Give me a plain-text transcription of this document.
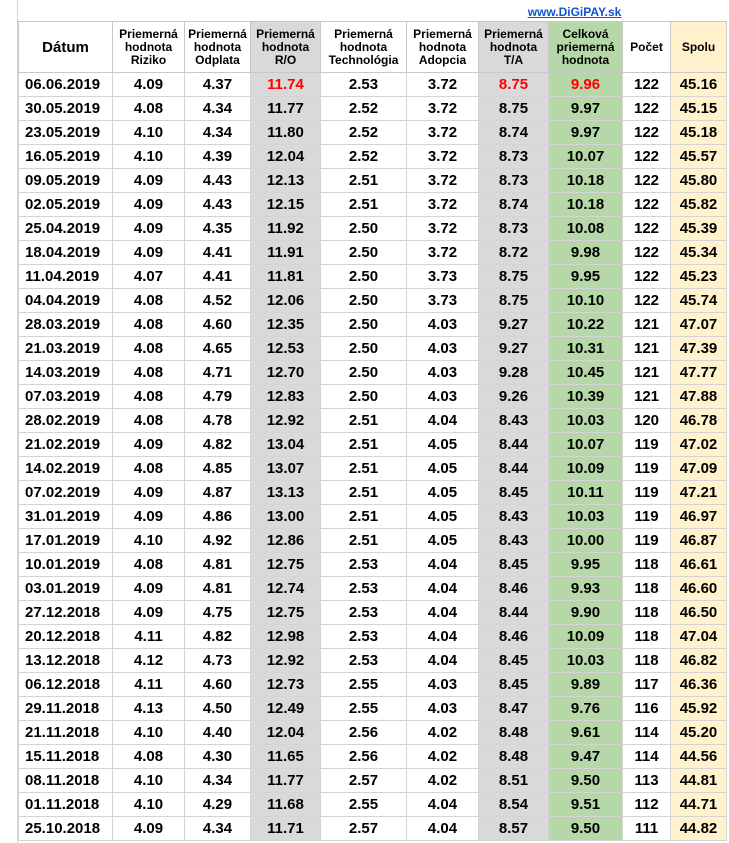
						www.DiGiPAY.sk			
Dátum	Priemerná hodnota Riziko	Priemerná hodnota Odplata	Priemerná hodnota R/O	Priemerná hodnota Technológia	Priemerná hodnota Adopcia	Priemerná hodnota T/A	Celková priemerná hodnota	Počet	Spolu
06.06.2019	4.09	4.37	11.74	2.53	3.72	8.75	9.96	122	45.16
30.05.2019	4.08	4.34	11.77	2.52	3.72	8.75	9.97	122	45.15
23.05.2019	4.10	4.34	11.80	2.52	3.72	8.74	9.97	122	45.18
16.05.2019	4.10	4.39	12.04	2.52	3.72	8.73	10.07	122	45.57
09.05.2019	4.09	4.43	12.13	2.51	3.72	8.73	10.18	122	45.80
02.05.2019	4.09	4.43	12.15	2.51	3.72	8.74	10.18	122	45.82
25.04.2019	4.09	4.35	11.92	2.50	3.72	8.73	10.08	122	45.39
18.04.2019	4.09	4.41	11.91	2.50	3.72	8.72	9.98	122	45.34
11.04.2019	4.07	4.41	11.81	2.50	3.73	8.75	9.95	122	45.23
04.04.2019	4.08	4.52	12.06	2.50	3.73	8.75	10.10	122	45.74
28.03.2019	4.08	4.60	12.35	2.50	4.03	9.27	10.22	121	47.07
21.03.2019	4.08	4.65	12.53	2.50	4.03	9.27	10.31	121	47.39
14.03.2019	4.08	4.71	12.70	2.50	4.03	9.28	10.45	121	47.77
07.03.2019	4.08	4.79	12.83	2.50	4.03	9.26	10.39	121	47.88
28.02.2019	4.08	4.78	12.92	2.51	4.04	8.43	10.03	120	46.78
21.02.2019	4.09	4.82	13.04	2.51	4.05	8.44	10.07	119	47.02
14.02.2019	4.08	4.85	13.07	2.51	4.05	8.44	10.09	119	47.09
07.02.2019	4.09	4.87	13.13	2.51	4.05	8.45	10.11	119	47.21
31.01.2019	4.09	4.86	13.00	2.51	4.05	8.43	10.03	119	46.97
17.01.2019	4.10	4.92	12.86	2.51	4.05	8.43	10.00	119	46.87
10.01.2019	4.08	4.81	12.75	2.53	4.04	8.45	9.95	118	46.61
03.01.2019	4.09	4.81	12.74	2.53	4.04	8.46	9.93	118	46.60
27.12.2018	4.09	4.75	12.75	2.53	4.04	8.44	9.90	118	46.50
20.12.2018	4.11	4.82	12.98	2.53	4.04	8.46	10.09	118	47.04
13.12.2018	4.12	4.73	12.92	2.53	4.04	8.45	10.03	118	46.82
06.12.2018	4.11	4.60	12.73	2.55	4.03	8.45	9.89	117	46.36
29.11.2018	4.13	4.50	12.49	2.55	4.03	8.47	9.76	116	45.92
21.11.2018	4.10	4.40	12.04	2.56	4.02	8.48	9.61	114	45.20
15.11.2018	4.08	4.30	11.65	2.56	4.02	8.48	9.47	114	44.56
08.11.2018	4.10	4.34	11.77	2.57	4.02	8.51	9.50	113	44.81
01.11.2018	4.10	4.29	11.68	2.55	4.04	8.54	9.51	112	44.71
25.10.2018	4.09	4.34	11.71	2.57	4.04	8.57	9.50	111	44.82
